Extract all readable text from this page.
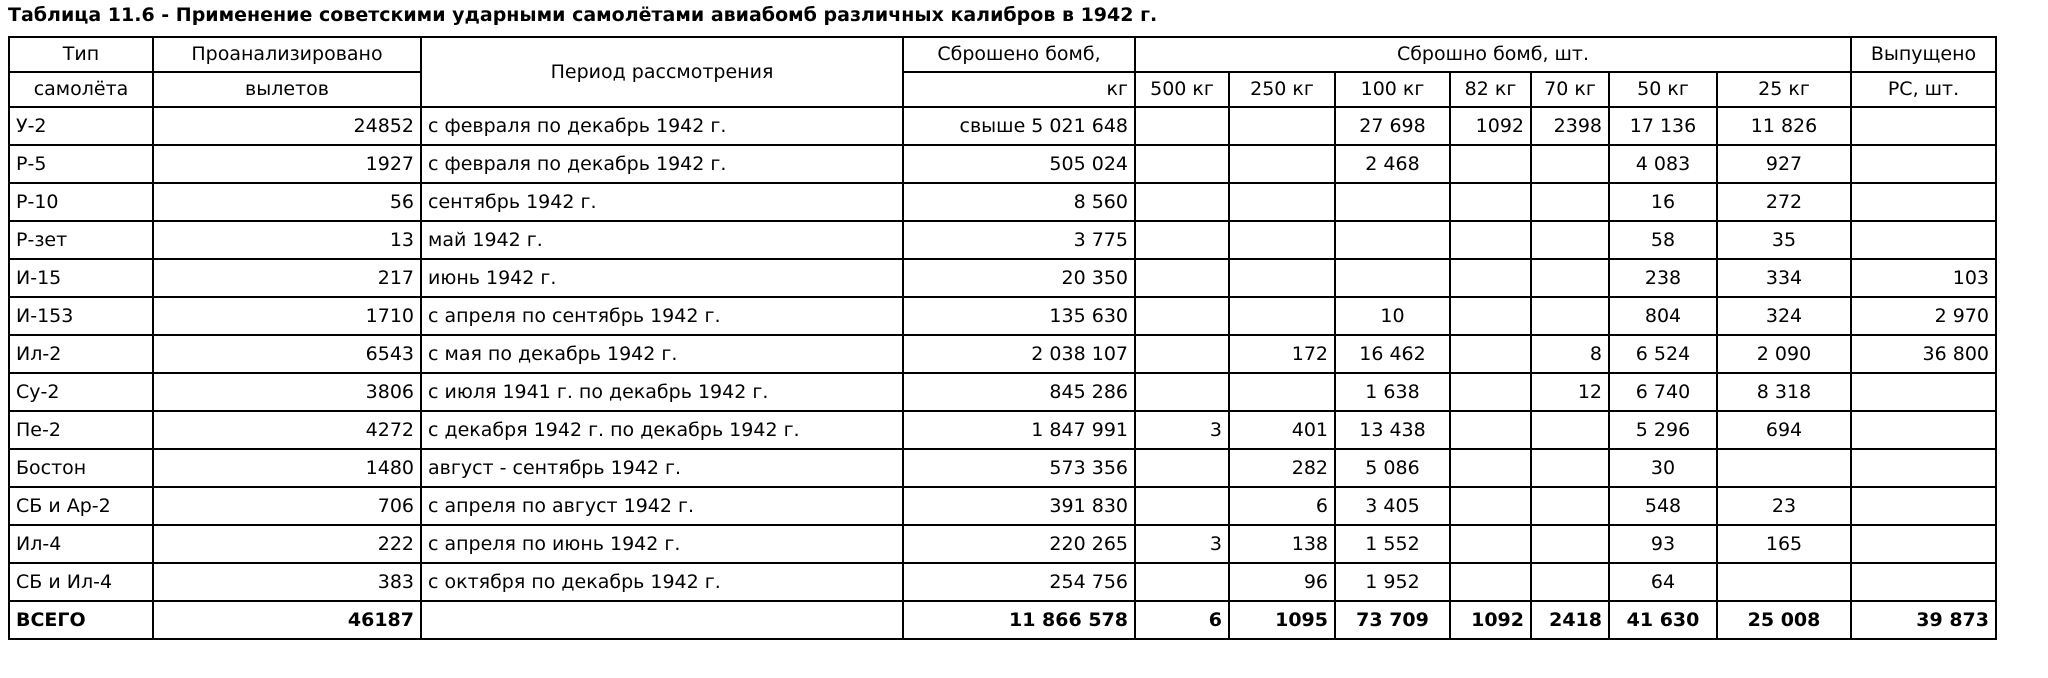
Таблица 11.6 - Применение советскими ударными самолётами авиабомб различных калибров в 1942 г.
Тип	Проанализировано	Период рассмотрения	Сброшено бомб,	Сброшно бомб, шт.							Выпущено
самолёта	вылетов		кг	500 кг	250 кг	100 кг	82 кг	70 кг	50 кг	25 кг	РС, шт.
У-2	24852	с февраля по декабрь 1942 г.	свыше 5 021 648			27 698	1092	2398	17 136	11 826	
Р-5	1927	с февраля по декабрь 1942 г.	505 024			2 468			4 083	927	
Р-10	56	сентябрь 1942 г.	8 560						16	272	
Р-зет	13	май 1942 г.	3 775						58	35	
И-15	217	июнь 1942 г.	20 350						238	334	103
И-153	1710	с апреля по сентябрь 1942 г.	135 630			10			804	324	2 970
Ил-2	6543	с мая по декабрь 1942 г.	2 038 107		172	16 462		8	6 524	2 090	36 800
Су-2	3806	с июля 1941 г. по декабрь 1942 г.	845 286			1 638		12	6 740	8 318	
Пе-2	4272	с декабря 1942 г. по декабрь 1942 г.	1 847 991	3	401	13 438			5 296	694	
Бостон	1480	август - сентябрь 1942 г.	573 356		282	5 086			30		
СБ и Ар-2	706	с апреля по август 1942 г.	391 830		6	3 405			548	23	
Ил-4	222	с апреля по июнь 1942 г.	220 265	3	138	1 552			93	165	
СБ и Ил-4	383	с октября по декабрь 1942 г.	254 756		96	1 952			64		
ВСЕГО	46187		11 866 578	6	1095	73 709	1092	2418	41 630	25 008	39 873
